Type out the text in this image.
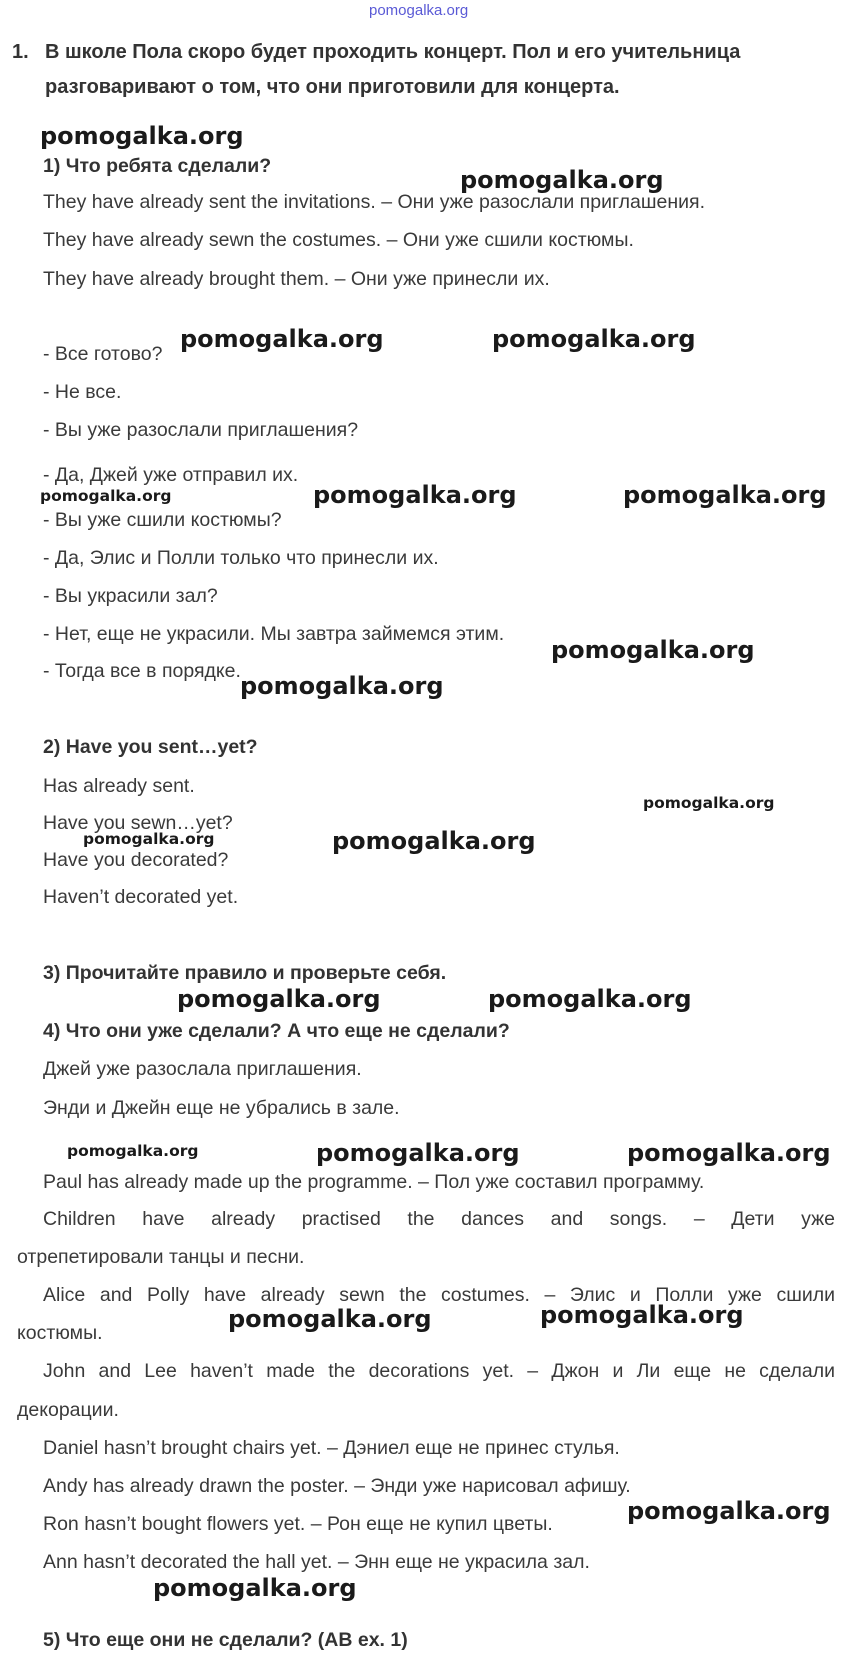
pomogalka.org
1. В школе Пола скоро будет проходить концерт. Пол и его учительница
разговаривают о том, что они приготовили для концерта.
1) Что ребята сделали?
They have already sent the invitations. – Они уже разослали приглашения.
They have already sewn the costumes. – Они уже сшили костюмы.
They have already brought them. – Они уже принесли их.
- Все готово?
- Не все.
- Вы уже разослали приглашения?
- Да, Джей уже отправил их.
- Вы уже сшили костюмы?
- Да, Элис и Полли только что принесли их.
- Вы украсили зал?
- Нет, еще не украсили. Мы завтра займемся этим.
- Тогда все в порядке.
2) Have you sent…yet?
Has already sent.
Have you sewn…yet?
Have you decorated?
Haven’t decorated yet.
3) Прочитайте правило и проверьте себя.
4) Что они уже сделали? А что еще не сделали?
Джей уже разослала приглашения.
Энди и Джейн еще не убрались в зале.
Paul has already made up the programme. – Пол уже составил программу.
Children have already practised the dances and songs. – Дети уже
отрепетировали танцы и песни.
Alice and Polly have already sewn the costumes. – Элис и Полли уже сшили
костюмы.
John and Lee haven’t made the decorations yet. – Джон и Ли еще не сделали
декорации.
Daniel hasn’t brought chairs yet. – Дэниел еще не принес стулья.
Andy has already drawn the poster. – Энди уже нарисовал афишу.
Ron hasn’t bought flowers yet. – Рон еще не купил цветы.
Ann hasn’t decorated the hall yet. – Энн еще не украсила зал.
5) Что еще они не сделали? (AB ex. 1)
pomogalka.org
pomogalka.org
pomogalka.org	pomogalka.org
pomogalka.org	pomogalka.org	pomogalka.org
pomogalka.org
pomogalka.org
pomogalka.org
pomogalka.org	pomogalka.org
pomogalka.org	pomogalka.org
pomogalka.org	pomogalka.org	pomogalka.org
pomogalka.org	pomogalka.org
pomogalka.org
pomogalka.org
